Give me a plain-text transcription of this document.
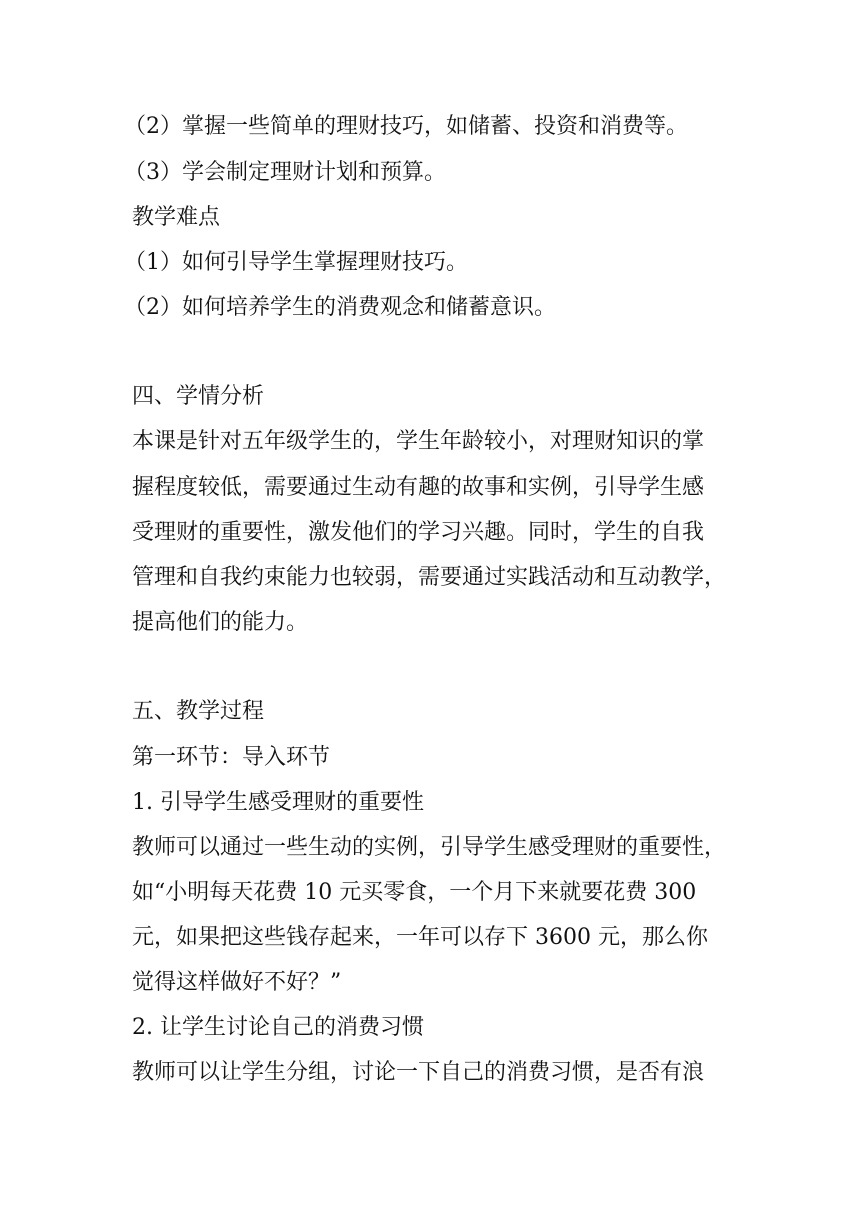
（2）掌握一些简单的理财技巧，如储蓄、投资和消费等。
（3）学会制定理财计划和预算。
教学难点
（1）如何引导学生掌握理财技巧。
（2）如何培养学生的消费观念和储蓄意识。
四、学情分析
本课是针对五年级学生的，学生年龄较小，对理财知识的掌
握程度较低，需要通过生动有趣的故事和实例，引导学生感
受理财的重要性，激发他们的学习兴趣。同时，学生的自我
管理和自我约束能力也较弱，需要通过实践活动和互动教学，
提高他们的能力。
五、教学过程
第一环节：导入环节
1. 引导学生感受理财的重要性
教师可以通过一些生动的实例，引导学生感受理财的重要性，
如“小明每天花费 10 元买零食，一个月下来就要花费 300
元，如果把这些钱存起来，一年可以存下 3600 元，那么你
觉得这样做好不好？”
2. 让学生讨论自己的消费习惯
教师可以让学生分组，讨论一下自己的消费习惯，是否有浪
